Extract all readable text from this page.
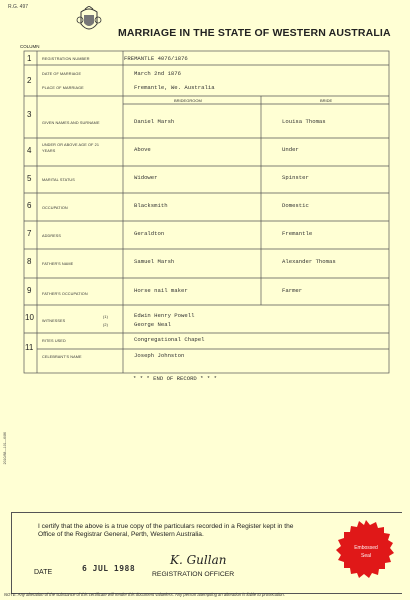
R.G. 497
MARRIAGE IN THE STATE OF WESTERN AUSTRALIA
COLUMN
BRIDEGROOM	BRIDE
1	REGISTRATION NUMBER	FREMANTLE 4076/1876
2
DATE OF MARRIAGE	March 2nd 1876
PLACE OF MARRIAGE	Fremantle, We. Australia
3
GIVEN NAMES AND SURNAME	Daniel Marsh	Louisa Thomas
4
UNDER OR ABOVE AGE OF 21 YEARS	Above	Under
5	MARITAL STATUS	Widower	Spinster
6	OCCUPATION	Blacksmith	Domestic
7	ADDRESS	Geraldton	Fremantle
8	FATHER'S NAME	Samuel Marsh	Alexander Thomas
9	FATHER'S OCCUPATION	Horse nail maker	Farmer
10 WITNESSES
(1)
(2)
Edwin Henry Powell
George Neal
11
RITES USED	Congregational Chapel
CELEBRANT'S NAME	Joseph Johnston
* * * END OF RECORD * * *
2010/88—101—6/86
I certify that the above is a true copy of the particulars recorded in a Register kept in the Office of the Registrar General, Perth, Western Australia.
DATE	6 JUL 1988
K. Gullan
REGISTRATION OFFICER
Embossed
Seal
NOTE: Any alteration of the substance of this certificate will render this document valueless. Any person attempting an alteration is liable to prosecution.
